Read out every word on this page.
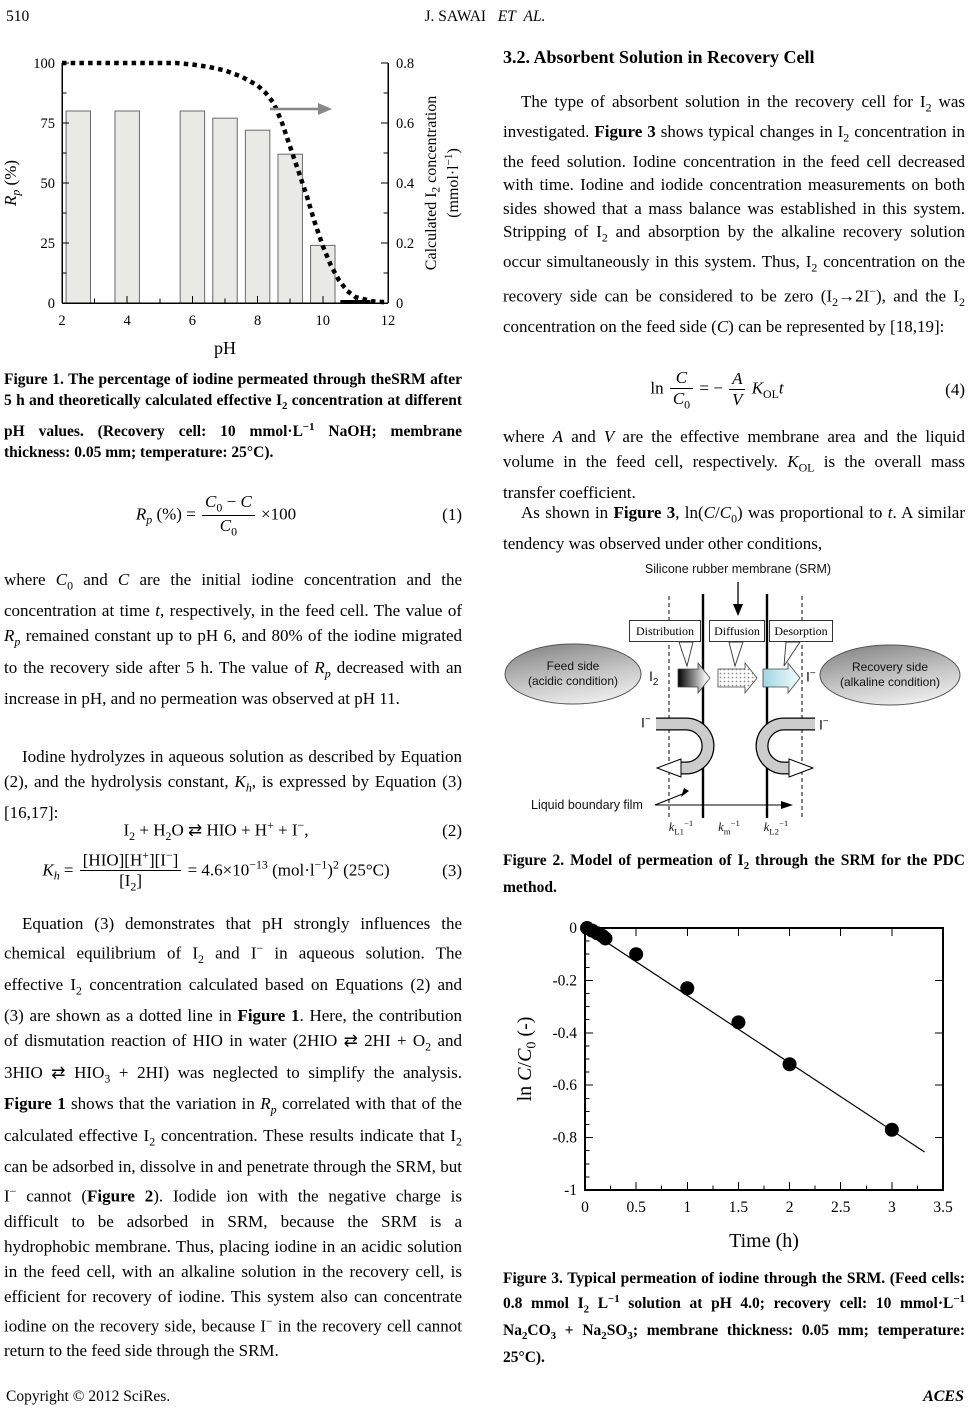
510	J. SAWAI   ET  AL.
2	4	6	8	10	12
0
25
50
75
100
0
0.2
0.4
0.6
0.8
pH
$R_p$ (%)
Calculated $I_2$ concentration
$(mmol\cdot l^{-1})$
Figure 1. The percentage of iodine permeated through theSRM after 5 h and theoretically calculated effective $I_2$ concentration at different pH values. (Recovery cell: 10 $mmol\cdot L^{-1}$ NaOH; membrane thickness: 0.05 mm; temperature: 25°C).
$R_p$ (%) = $\frac{C_0 - C}{C_0} \times 100$	(1)

where $C_0$ and C are the initial iodine concentration and the concentration at time t, respectively, in the feed cell. The value of $R_p$ remained constant up to pH 6, and 80% of the iodine migrated to the recovery side after 5 h. The value of $R_p$ decreased with an increase in pH, and no permeation was observed at pH 11.

Iodine hydrolyzes in aqueous solution as described by Equation (2), and the hydrolysis constant, $K_h$, is expressed by Equation (3) [16,17]:

$I_2 + H_2O$ ⇄ HIO + H+ + I−,	(2)
$K_h$ =
[HIO][H+][I−]
$[I_2]$
= $4.6\times 10^{-13}$ $(mol\cdot l^{-1})^2$ (25°C)	(3)

Equation (3) demonstrates that pH strongly influences the chemical equilibrium of $I_2$ and I− in aqueous solution. The effective $I_2$ concentration calculated based on Equations (2) and (3) are shown as a dotted line in Figure 1. Here, the contribution of dismutation reaction of HIO in water (2HIO ⇄ $2HI + O_2$ and 3HIO ⇄ $HIO_3 + 2HI$) was neglected to simplify the analysis. Figure 1 shows that the variation in $R_p$ correlated with that of the calculated effective $I_2$ concentration. These results indicate that $I_2$ can be adsorbed in, dissolve in and penetrate through the SRM, but I− cannot (Figure 2). Iodide ion with the negative charge is difficult to be adsorbed in SRM, because the SRM is a hydrophobic membrane. Thus, placing iodine in an acidic solution in the feed cell, with an alkaline solution in the recovery cell, is efficient for recovery of iodine. This system also can concentrate iodine on the recovery side, because I− in the recovery cell cannot return to the feed side through the SRM.

3.2. Absorbent Solution in Recovery Cell

The type of absorbent solution in the recovery cell for $I_2$ was investigated. Figure 3 shows typical changes in $I_2$ concentration in the feed solution. Iodine concentration in the feed cell decreased with time. Iodine and iodide concentration measurements on both sides showed that a mass balance was established in this system. Stripping of $I_2$ and absorption by the alkaline recovery solution occur simultaneously in this system. Thus, $I_2$ concentration on the recovery side can be considered to be zero $(I_2\to 2I^-)$, and the $I_2$ concentration on the feed side (C) can be represented by [18,19]:

$\ln \frac{C}{C_0}$ = − $\frac{A}{V} K_{OL}t$	(4)

where A and V are the effective membrane area and the liquid volume in the feed cell, respectively. $K_{OL}$ is the overall mass transfer coefficient.

As shown in Figure 3, $\ln(C/C_0)$ was proportional to t. A similar tendency was observed under other conditions,

Silicone rubber membrane (SRM)
Distribution	Diffusion	Desorption
Feed side
(acidic condition)
Recovery side
(alkaline condition)
$I_2$	I−
I−	I−
Liquid boundary film
$k_{L1}^{-1}$	$k_m^{-1}$	$k_{L2}^{-1}$
Figure 2. Model of permeation of $I_2$ through the SRM for the PDC method.
0 0.5 1 1.5 2 2.5 3 3.5
0
-0.2
-0.4
-0.6
-0.8
-1
Time (h)
$\ln C/C_0$ (-)
Figure 3. Typical permeation of iodine through the SRM. (Feed cells: 0.8 mmol $I_2$ $L^{-1}$ solution at pH 4.0; recovery cell: 10 $mmol\cdot L^{-1}$ $Na_2CO_3 + Na_2SO_3$; membrane thickness: 0.05 mm; temperature: 25°C).
Copyright © 2012 SciRes.	ACES
